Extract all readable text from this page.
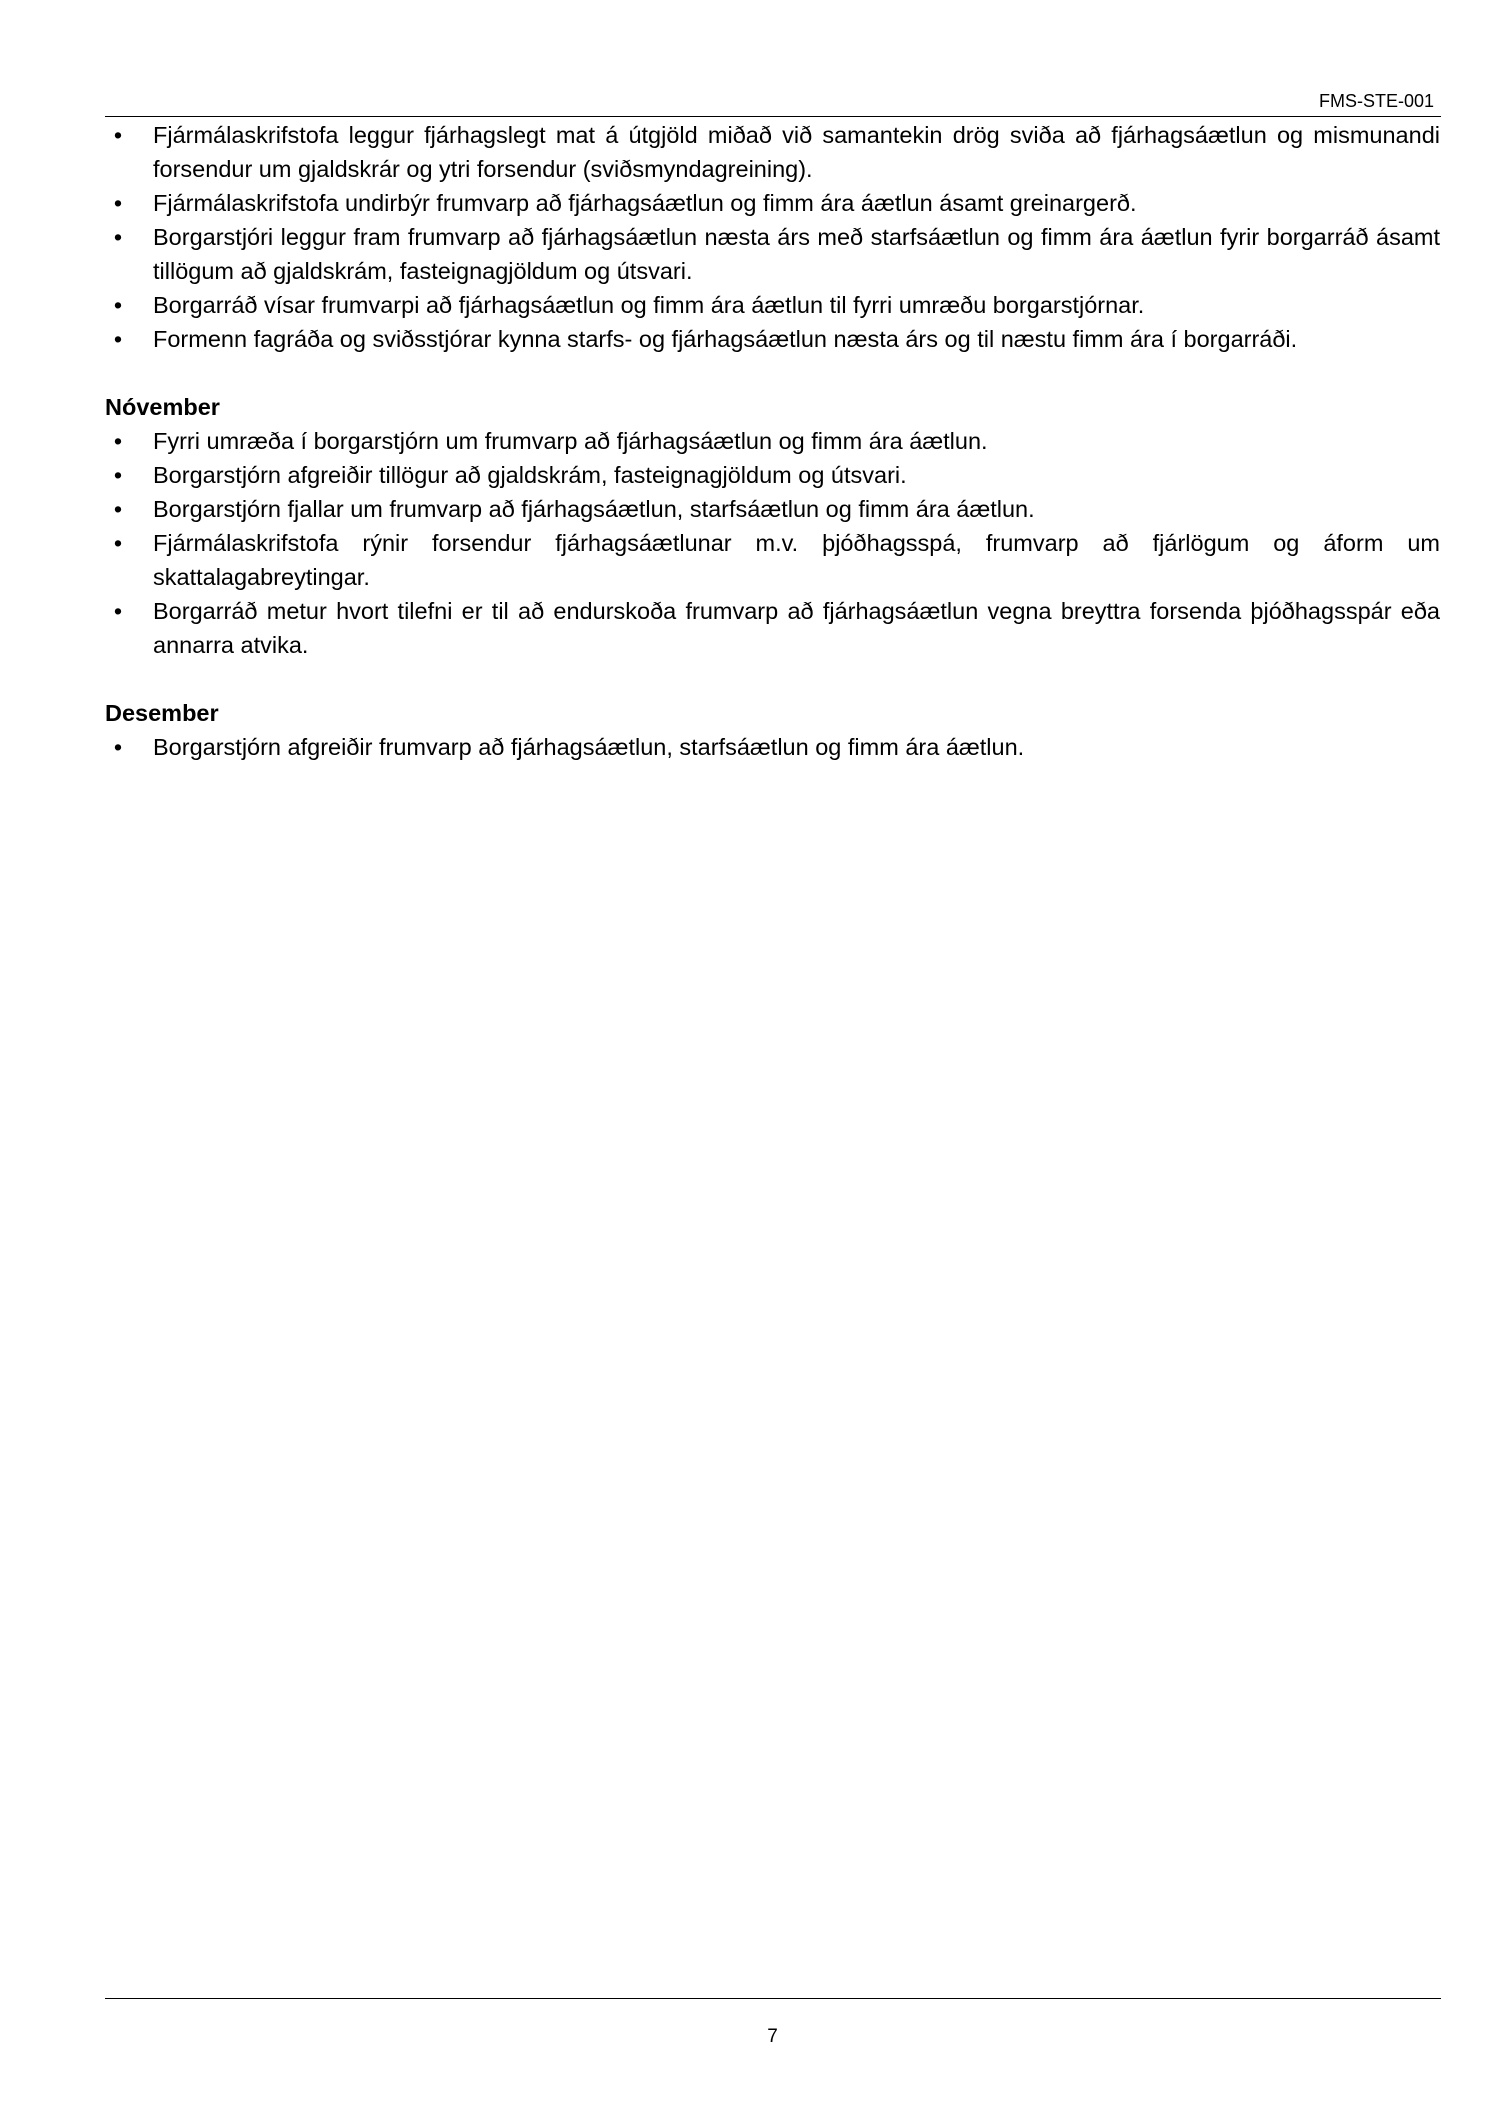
FMS-STE-001
• Fjármálaskrifstofa leggur fjárhagslegt mat á útgjöld miðað við samantekin drög sviða að fjárhagsáætlun og mismunandi forsendur um gjaldskrár og ytri forsendur (sviðsmyndagreining).
• Fjármálaskrifstofa undirbýr frumvarp að fjárhagsáætlun og fimm ára áætlun ásamt greinargerð.
• Borgarstjóri leggur fram frumvarp að fjárhagsáætlun næsta árs með starfsáætlun og fimm ára áætlun fyrir borgarráð ásamt tillögum að gjaldskrám, fasteignagjöldum og útsvari.
• Borgarráð vísar frumvarpi að fjárhagsáætlun og fimm ára áætlun til fyrri umræðu borgarstjórnar.
• Formenn fagráða og sviðsstjórar kynna starfs- og fjárhagsáætlun næsta árs og til næstu fimm ára í borgarráði.
Nóvember
• Fyrri umræða í borgarstjórn um frumvarp að fjárhagsáætlun og fimm ára áætlun.
• Borgarstjórn afgreiðir tillögur að gjaldskrám, fasteignagjöldum og útsvari.
• Borgarstjórn fjallar um frumvarp að fjárhagsáætlun, starfsáætlun og fimm ára áætlun.
• Fjármálaskrifstofa rýnir forsendur fjárhagsáætlunar m.v. þjóðhagsspá, frumvarp að fjárlögum og áform um skattalagabreytingar.
• Borgarráð metur hvort tilefni er til að endurskoða frumvarp að fjárhagsáætlun vegna breyttra forsenda þjóðhagsspár eða annarra atvika.
Desember
• Borgarstjórn afgreiðir frumvarp að fjárhagsáætlun, starfsáætlun og fimm ára áætlun.
7
